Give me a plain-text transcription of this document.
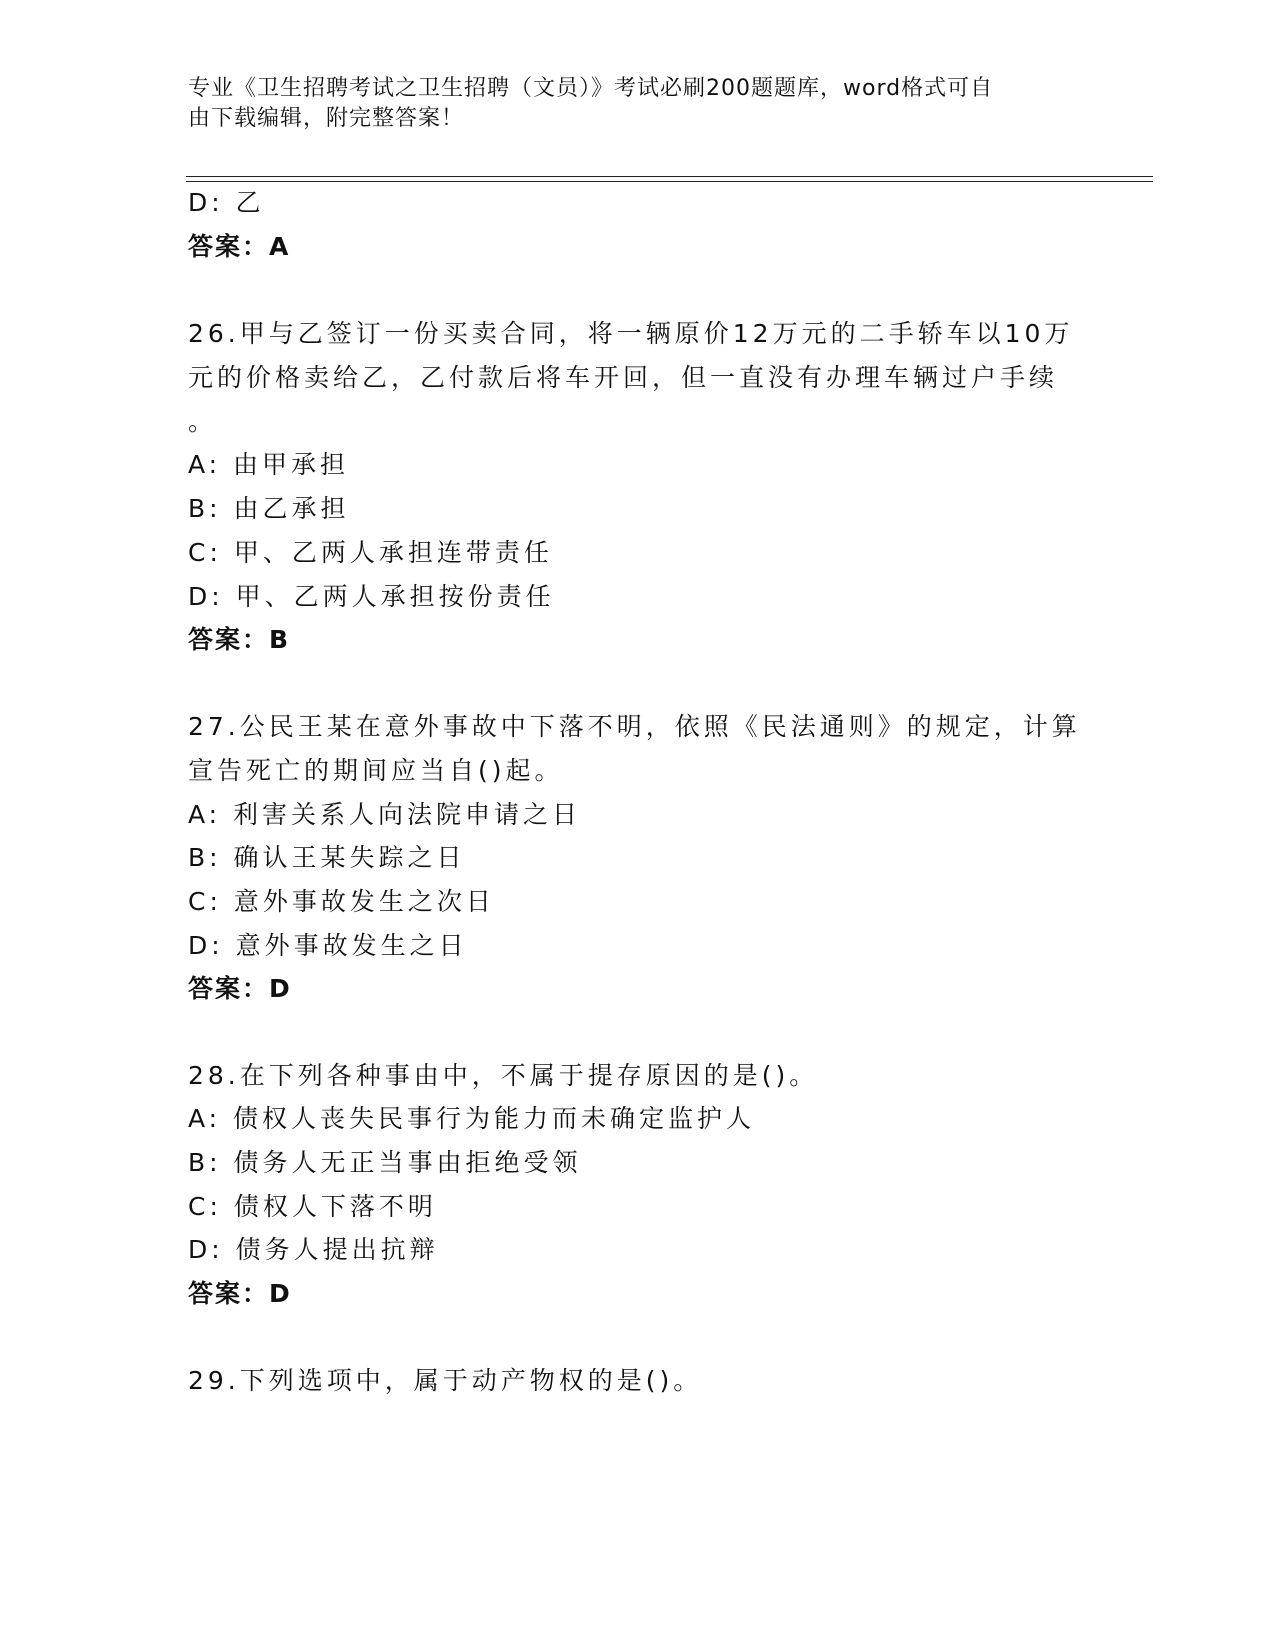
专业《卫生招聘考试之卫生招聘（文员）》考试必刷200题题库，word格式可自
由下载编辑，附完整答案！
D: 乙
答案：A
26.甲与乙签订一份买卖合同，将一辆原价12万元的二手轿车以10万
元的价格卖给乙，乙付款后将车开回，但一直没有办理车辆过户手续
。
A: 由甲承担
B: 由乙承担
C: 甲、乙两人承担连带责任
D: 甲、乙两人承担按份责任
答案：B
27.公民王某在意外事故中下落不明，依照《民法通则》的规定，计算
宣告死亡的期间应当自()起。
A: 利害关系人向法院申请之日
B: 确认王某失踪之日
C: 意外事故发生之次日
D: 意外事故发生之日
答案：D
28.在下列各种事由中，不属于提存原因的是()。
A: 债权人丧失民事行为能力而未确定监护人
B: 债务人无正当事由拒绝受领
C: 债权人下落不明
D: 债务人提出抗辩
答案：D
29.下列选项中，属于动产物权的是()。
